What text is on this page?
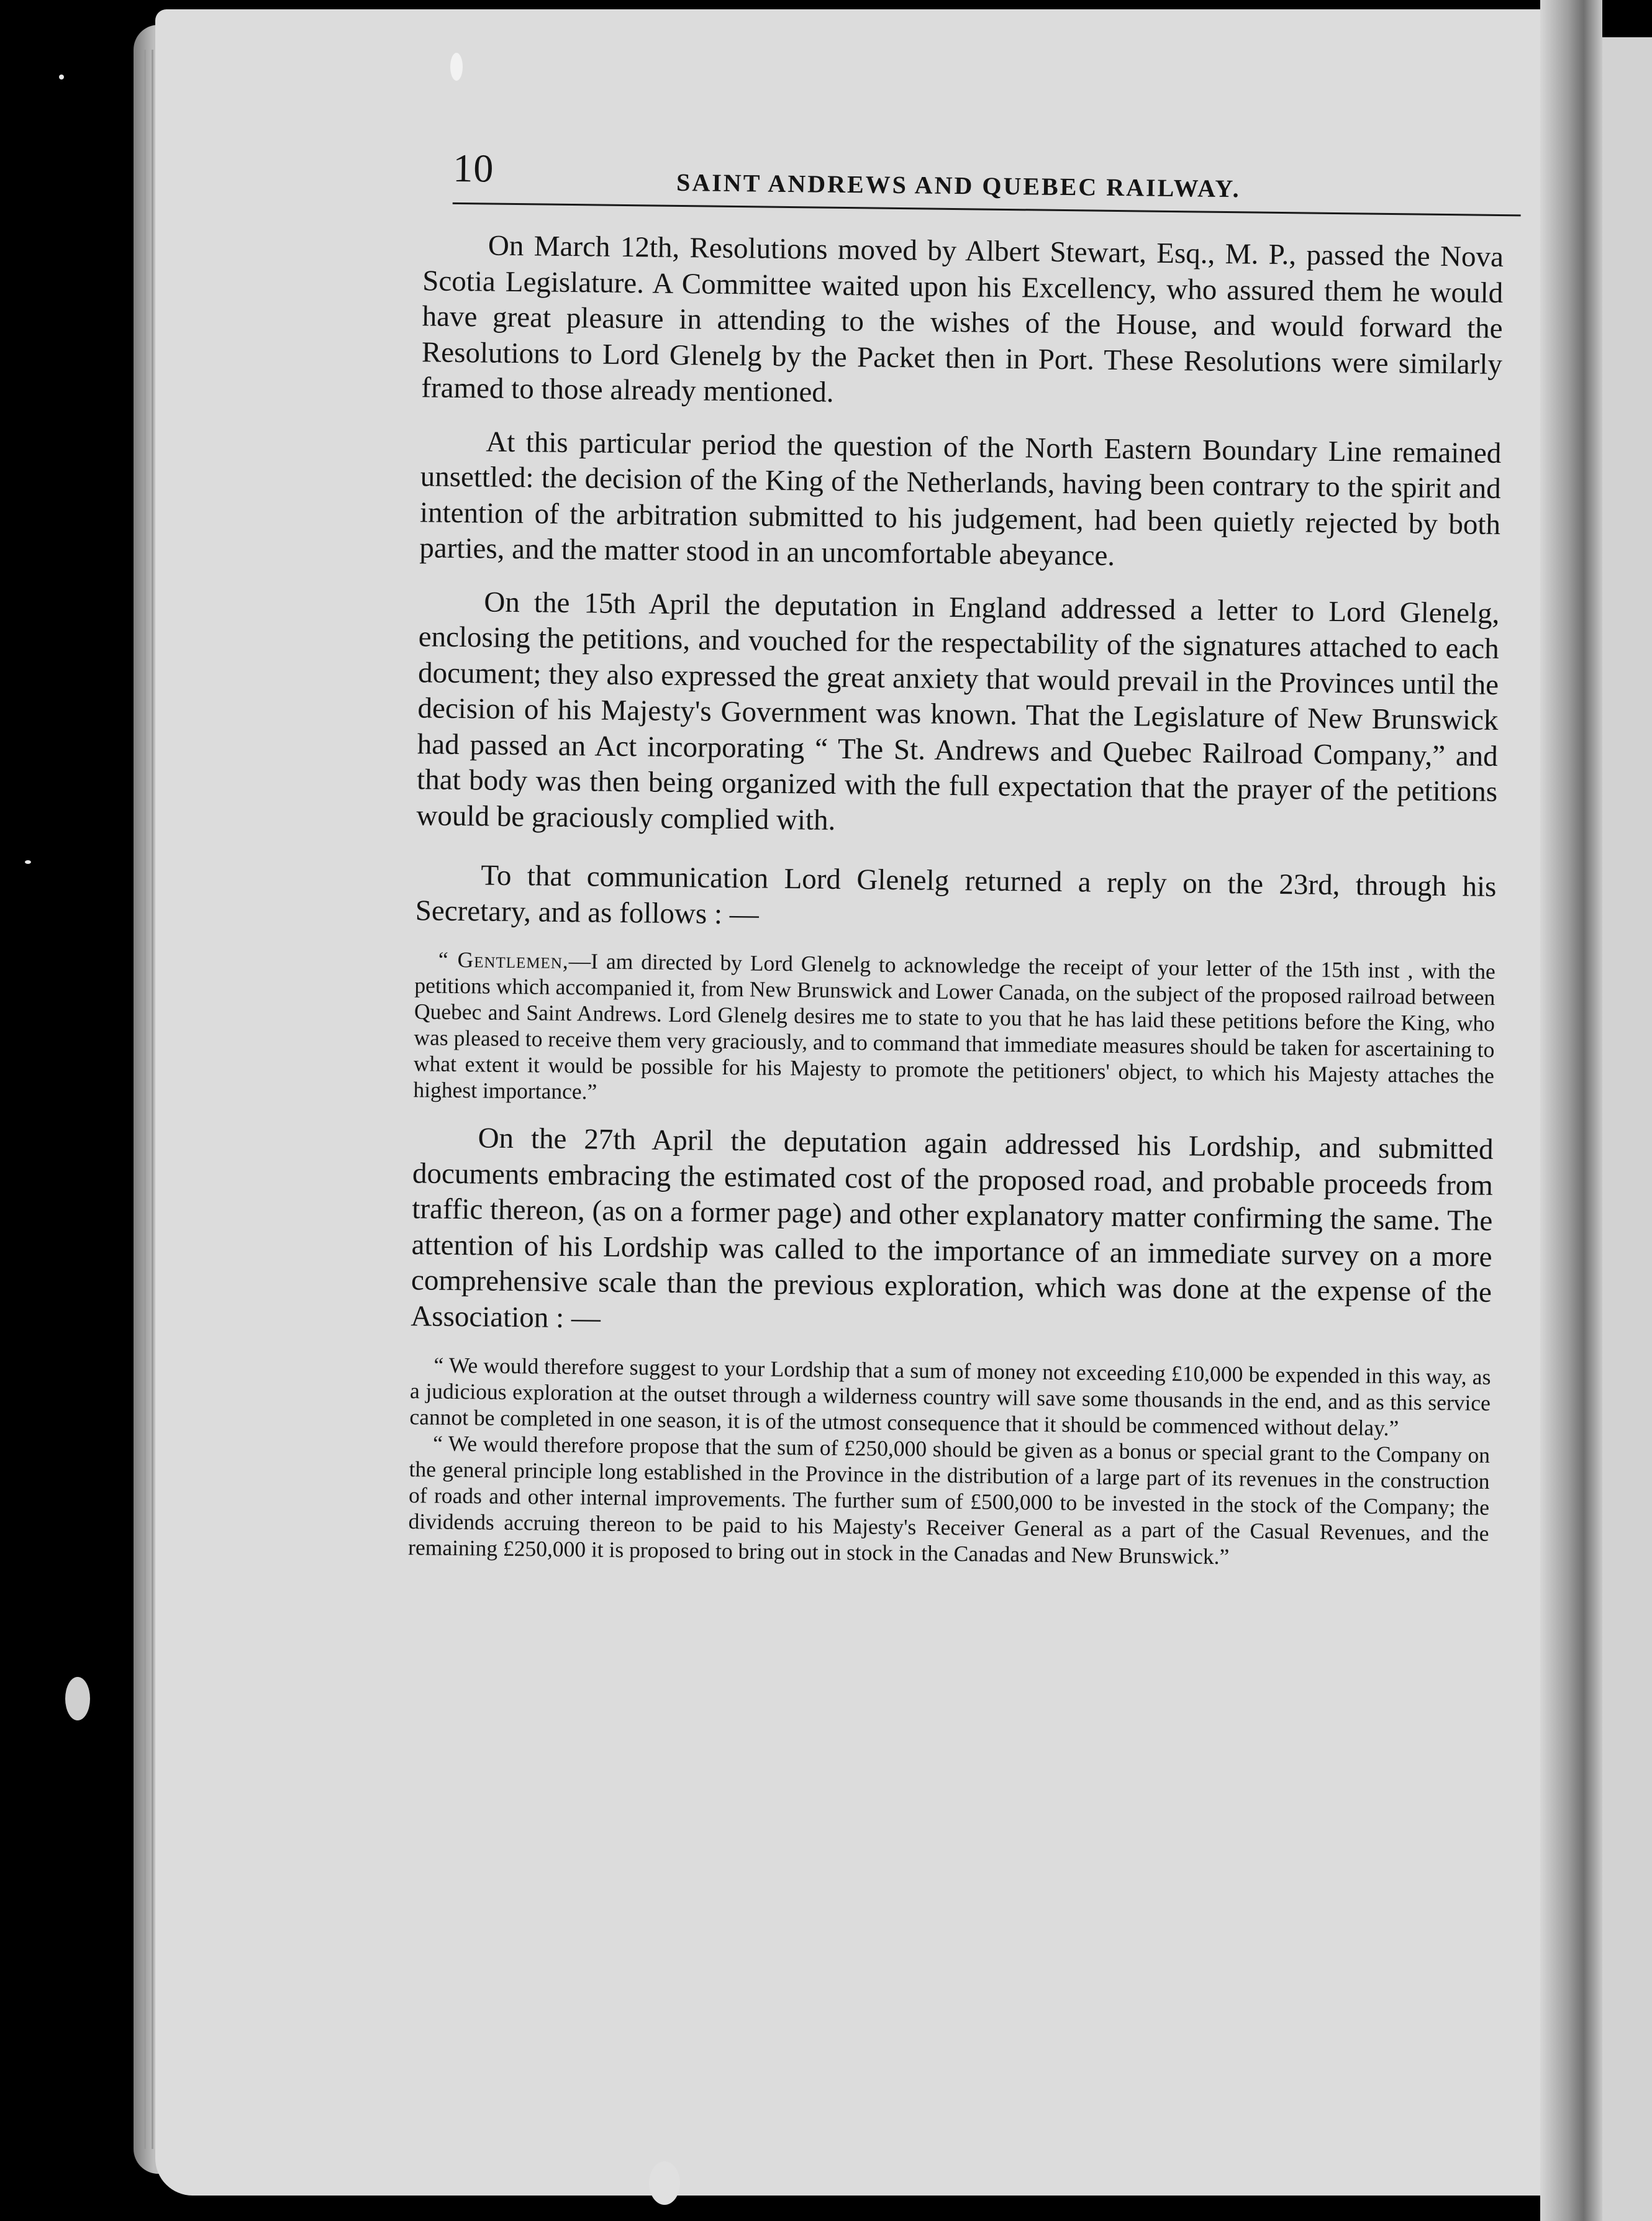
10	SAINT ANDREWS AND QUEBEC RAILWAY.

On March 12th, Resolutions moved by Albert Stewart, Esq., M. P., passed the Nova Scotia Legislature. A Committee waited upon his Excellency, who assured them he would have great pleasure in attending to the wishes of the House, and would forward the Resolutions to Lord Glenelg by the Packet then in Port. These Resolutions were similarly framed to those already mentioned.

At this particular period the question of the North Eastern Boundary Line remained unsettled: the decision of the King of the Netherlands, having been contrary to the spirit and intention of the arbitration submitted to his judgement, had been quietly rejected by both parties, and the matter stood in an uncomfortable abeyance.

On the 15th April the deputation in England addressed a letter to Lord Glenelg, enclosing the petitions, and vouched for the respectability of the signatures attached to each document; they also expressed the great anxiety that would prevail in the Provinces until the decision of his Majesty's Government was known. That the Legislature of New Brunswick had passed an Act incorporating “ The St. Andrews and Quebec Railroad Company,” and that body was then being organized with the full expectation that the prayer of the petitions would be graciously complied with.

To that communication Lord Glenelg returned a reply on the 23rd, through his Secretary, and as follows : —

“ Gentlemen,—I am directed by Lord Glenelg to acknowledge the receipt of your letter of the 15th inst , with the petitions which accompanied it, from New Brunswick and Lower Canada, on the subject of the proposed railroad between Quebec and Saint Andrews. Lord Glenelg desires me to state to you that he has laid these petitions before the King, who was pleased to receive them very graciously, and to command that immediate measures should be taken for ascertaining to what extent it would be possible for his Majesty to promote the petitioners' object, to which his Majesty attaches the highest importance.”

On the 27th April the deputation again addressed his Lordship, and submitted documents embracing the estimated cost of the proposed road, and probable proceeds from traffic thereon, (as on a former page) and other explanatory matter confirming the same. The attention of his Lordship was called to the importance of an immediate survey on a more comprehensive scale than the previous exploration, which was done at the expense of the Association : —

“ We would therefore suggest to your Lordship that a sum of money not exceeding £10,000 be expended in this way, as a judicious exploration at the outset through a wilderness country will save some thousands in the end, and as this service cannot be completed in one season, it is of the utmost consequence that it should be commenced without delay.”

“ We would therefore propose that the sum of £250,000 should be given as a bonus or special grant to the Company on the general principle long established in the Province in the distribution of a large part of its revenues in the construction of roads and other internal improvements. The further sum of £500,000 to be invested in the stock of the Company; the dividends accruing thereon to be paid to his Majesty's Receiver General as a part of the Casual Revenues, and the remaining £250,000 it is proposed to bring out in stock in the Canadas and New Brunswick.”
